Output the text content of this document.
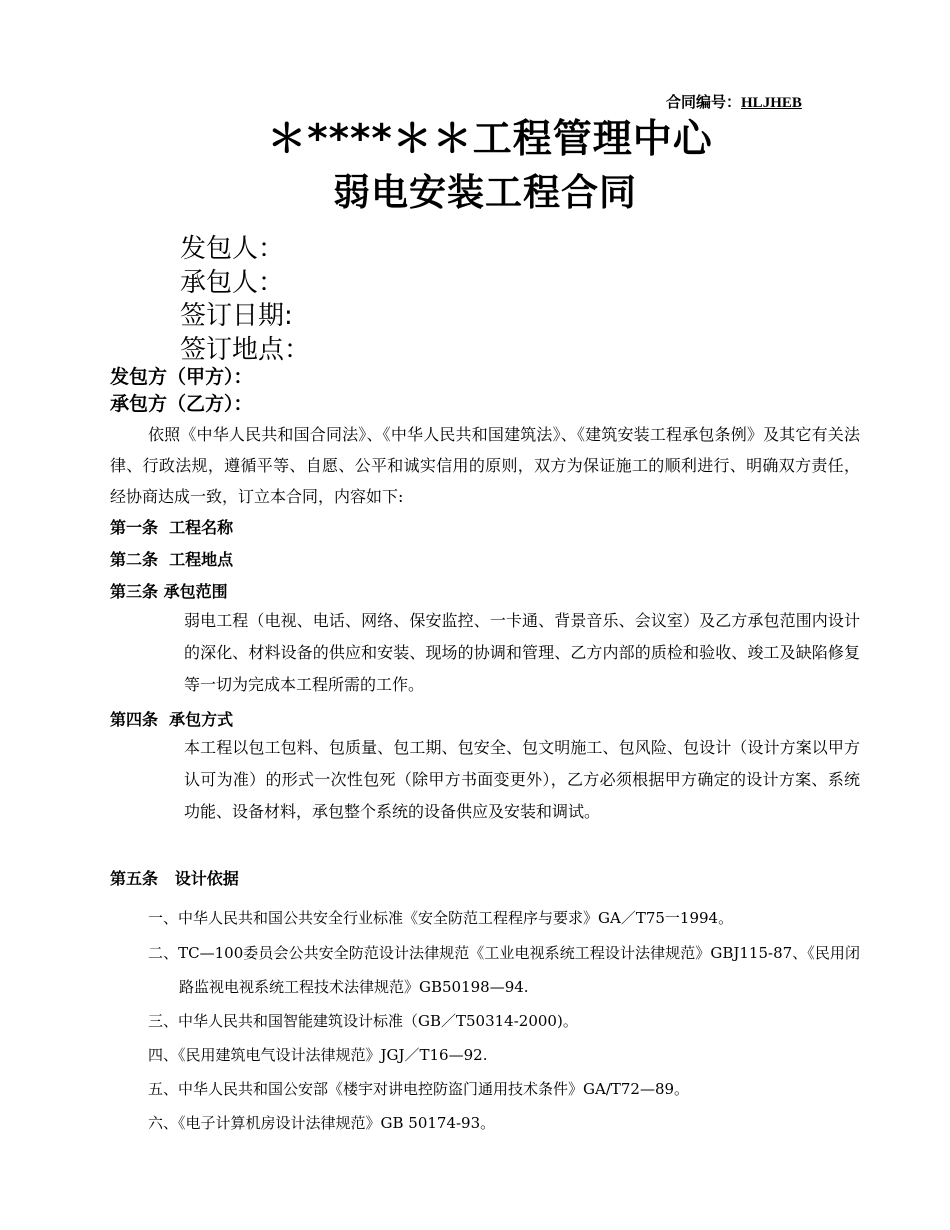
合同编号：HLJHEB
＊****＊＊工程管理中心
弱电安装工程合同
发包人：
承包人：
签订日期:
签订地点：
发包方（甲方）：
承包方（乙方）：
依照《中华人民共和国合同法》、《中华人民共和国建筑法》、《建筑安装工程承包条例》及其它有关法律、行政法规，遵循平等、自愿、公平和诚实信用的原则，双方为保证施工的顺利进行、明确双方责任，经协商达成一致，订立本合同，内容如下:
第一条  工程名称
第二条  工程地点
第三条 承包范围
弱电工程（电视、电话、网络、保安监控、一卡通、背景音乐、会议室）及乙方承包范围内设计的深化、材料设备的供应和安装、现场的协调和管理、乙方内部的质检和验收、竣工及缺陷修复等一切为完成本工程所需的工作。
第四条  承包方式
本工程以包工包料、包质量、包工期、包安全、包文明施工、包风险、包设计（设计方案以甲方认可为准）的形式一次性包死（除甲方书面变更外），乙方必须根据甲方确定的设计方案、系统功能、设备材料，承包整个系统的设备供应及安装和调试。
第五条   设计依据
一、中华人民共和国公共安全行业标准《安全防范工程程序与要求》GA／T75一1994。
二、TC—100委员会公共安全防范设计法律规范《工业电视系统工程设计法律规范》GBJ115-87、《民用闭路监视电视系统工程技术法律规范》GB50198—94.
三、中华人民共和国智能建筑设计标准（GB／T50314-2000)。
四、《民用建筑电气设计法律规范》JGJ／T16—92.
五、中华人民共和国公安部《楼宇对讲电控防盗门通用技术条件》GA/T72—89。
六、《电子计算机房设计法律规范》GB 50174-93。
